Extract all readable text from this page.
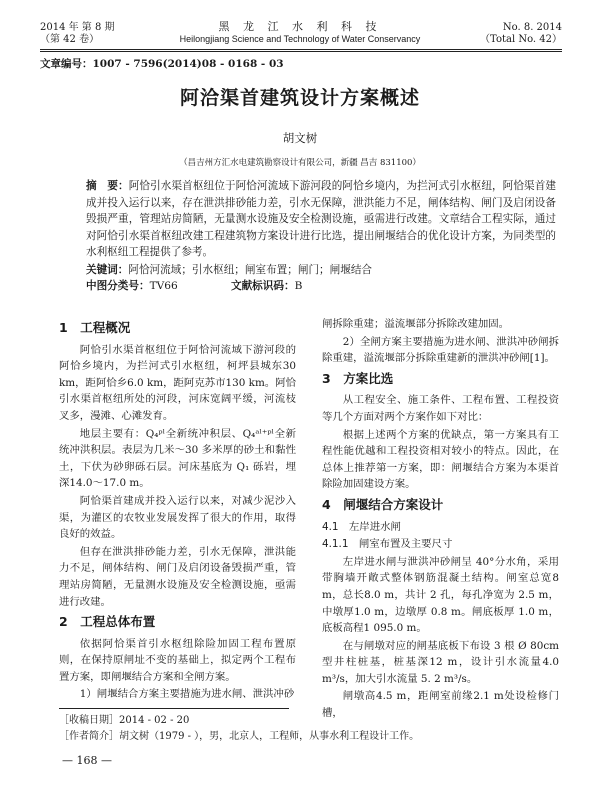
2014 年 第 8 期
（第 42 卷）
黑 龙 江 水 利 科 技
Heilongjiang Science and Technology of Water Conservancy
No. 8. 2014
（Total No. 42）
文章编号：1007 - 7596(2014)08 - 0168 - 03
阿洽渠首建筑设计方案概述
胡文树
（昌吉州方汇水电建筑勘察设计有限公司，新疆 昌吉 831100）
摘　要：阿恰引水渠首枢纽位于阿恰河流域下游河段的阿恰乡境内，为拦河式引水枢纽，阿恰渠首建成并投入运行以来，存在泄洪排砂能力差，引水无保障，泄洪能力不足，闸体结构、闸门及启闭设备毁损严重，管理站房简陋，无量测水设施及安全检测设施，亟需进行改建。文章结合工程实际，通过对阿恰引水渠首枢纽改建工程建筑物方案设计进行比选，提出闸堰结合的优化设计方案，为同类型的水利枢纽工程提供了参考。
关键词：阿恰河流域；引水枢纽；闸室布置；闸门；闸堰结合
中图分类号：TV66	文献标识码：B
1　工程概况

阿恰引水渠首枢纽位于阿恰河流域下游河段的阿恰乡境内，为拦河式引水枢纽，柯坪县城东30 km，距阿恰乡6.0 km，距阿克苏市130 km。阿恰引水渠首枢纽所处的河段，河床宽阔平缓，河流枝叉多，漫滩、心滩发育。

地层主要有：Q₄ᵖˡ全新统冲积层、Q₄ᵃˡ⁺ᵖˡ全新统冲洪积层。表层为几米～30 多米厚的砂土和黏性土，下伏为砂卵砾石层。河床基底为 Q₁ 砾岩，埋深14.0～17.0 m。

阿恰渠首建成并投入运行以来，对减少泥沙入渠，为灌区的农牧业发展发挥了很大的作用，取得良好的效益。

但存在泄洪排砂能力差，引水无保障，泄洪能力不足，闸体结构、闸门及启闭设备毁损严重，管理站房简陋，无量测水设施及安全检测设施，亟需进行改建。

2　工程总体布置

依据阿恰渠首引水枢纽除险加固工程布置原则，在保持原闸址不变的基础上，拟定两个工程布置方案，即闸堰结合方案和全闸方案。

1）闸堰结合方案主要措施为进水闸、泄洪冲砂

闸拆除重建；溢流堰部分拆除改建加固。

2）全闸方案主要措施为进水闸、泄洪冲砂闸拆除重建，溢流堰部分拆除重建新的泄洪冲砂闸[1]。

3　方案比选

从工程安全、施工条件、工程布置、工程投资等几个方面对两个方案作如下对比：

根据上述两个方案的优缺点，第一方案具有工程性能优越和工程投资相对较小的特点。因此，在总体上推荐第一方案，即：闸堰结合方案为本渠首除险加固建设方案。

4　闸堰结合方案设计
4.1　左岸进水闸
4.1.1　闸室布置及主要尺寸

左岸进水闸与泄洪冲砂闸呈 40°分水角，采用带胸墙开敞式整体钢筋混凝土结构。闸室总宽8 m，总长8.0 m，共计 2 孔，每孔净宽为 2.5 m，中墩厚1.0 m，边墩厚 0.8 m。闸底板厚 1.0 m，底板高程1 095.0 m。

在与闸墩对应的闸基底板下布设 3 根 Ø 80cm型井柱桩基，桩基深12 m，设计引水流量4.0 m³/s，加大引水流量 5. 2 m³/s。

闸墩高4.5 m，距闸室前缘2.1 m处设检修门槽，

［收稿日期］2014 - 02 - 20
［作者简介］胡文树（1979 - ），男，北京人，工程师，从事水利工程设计工作。
— 168 —
